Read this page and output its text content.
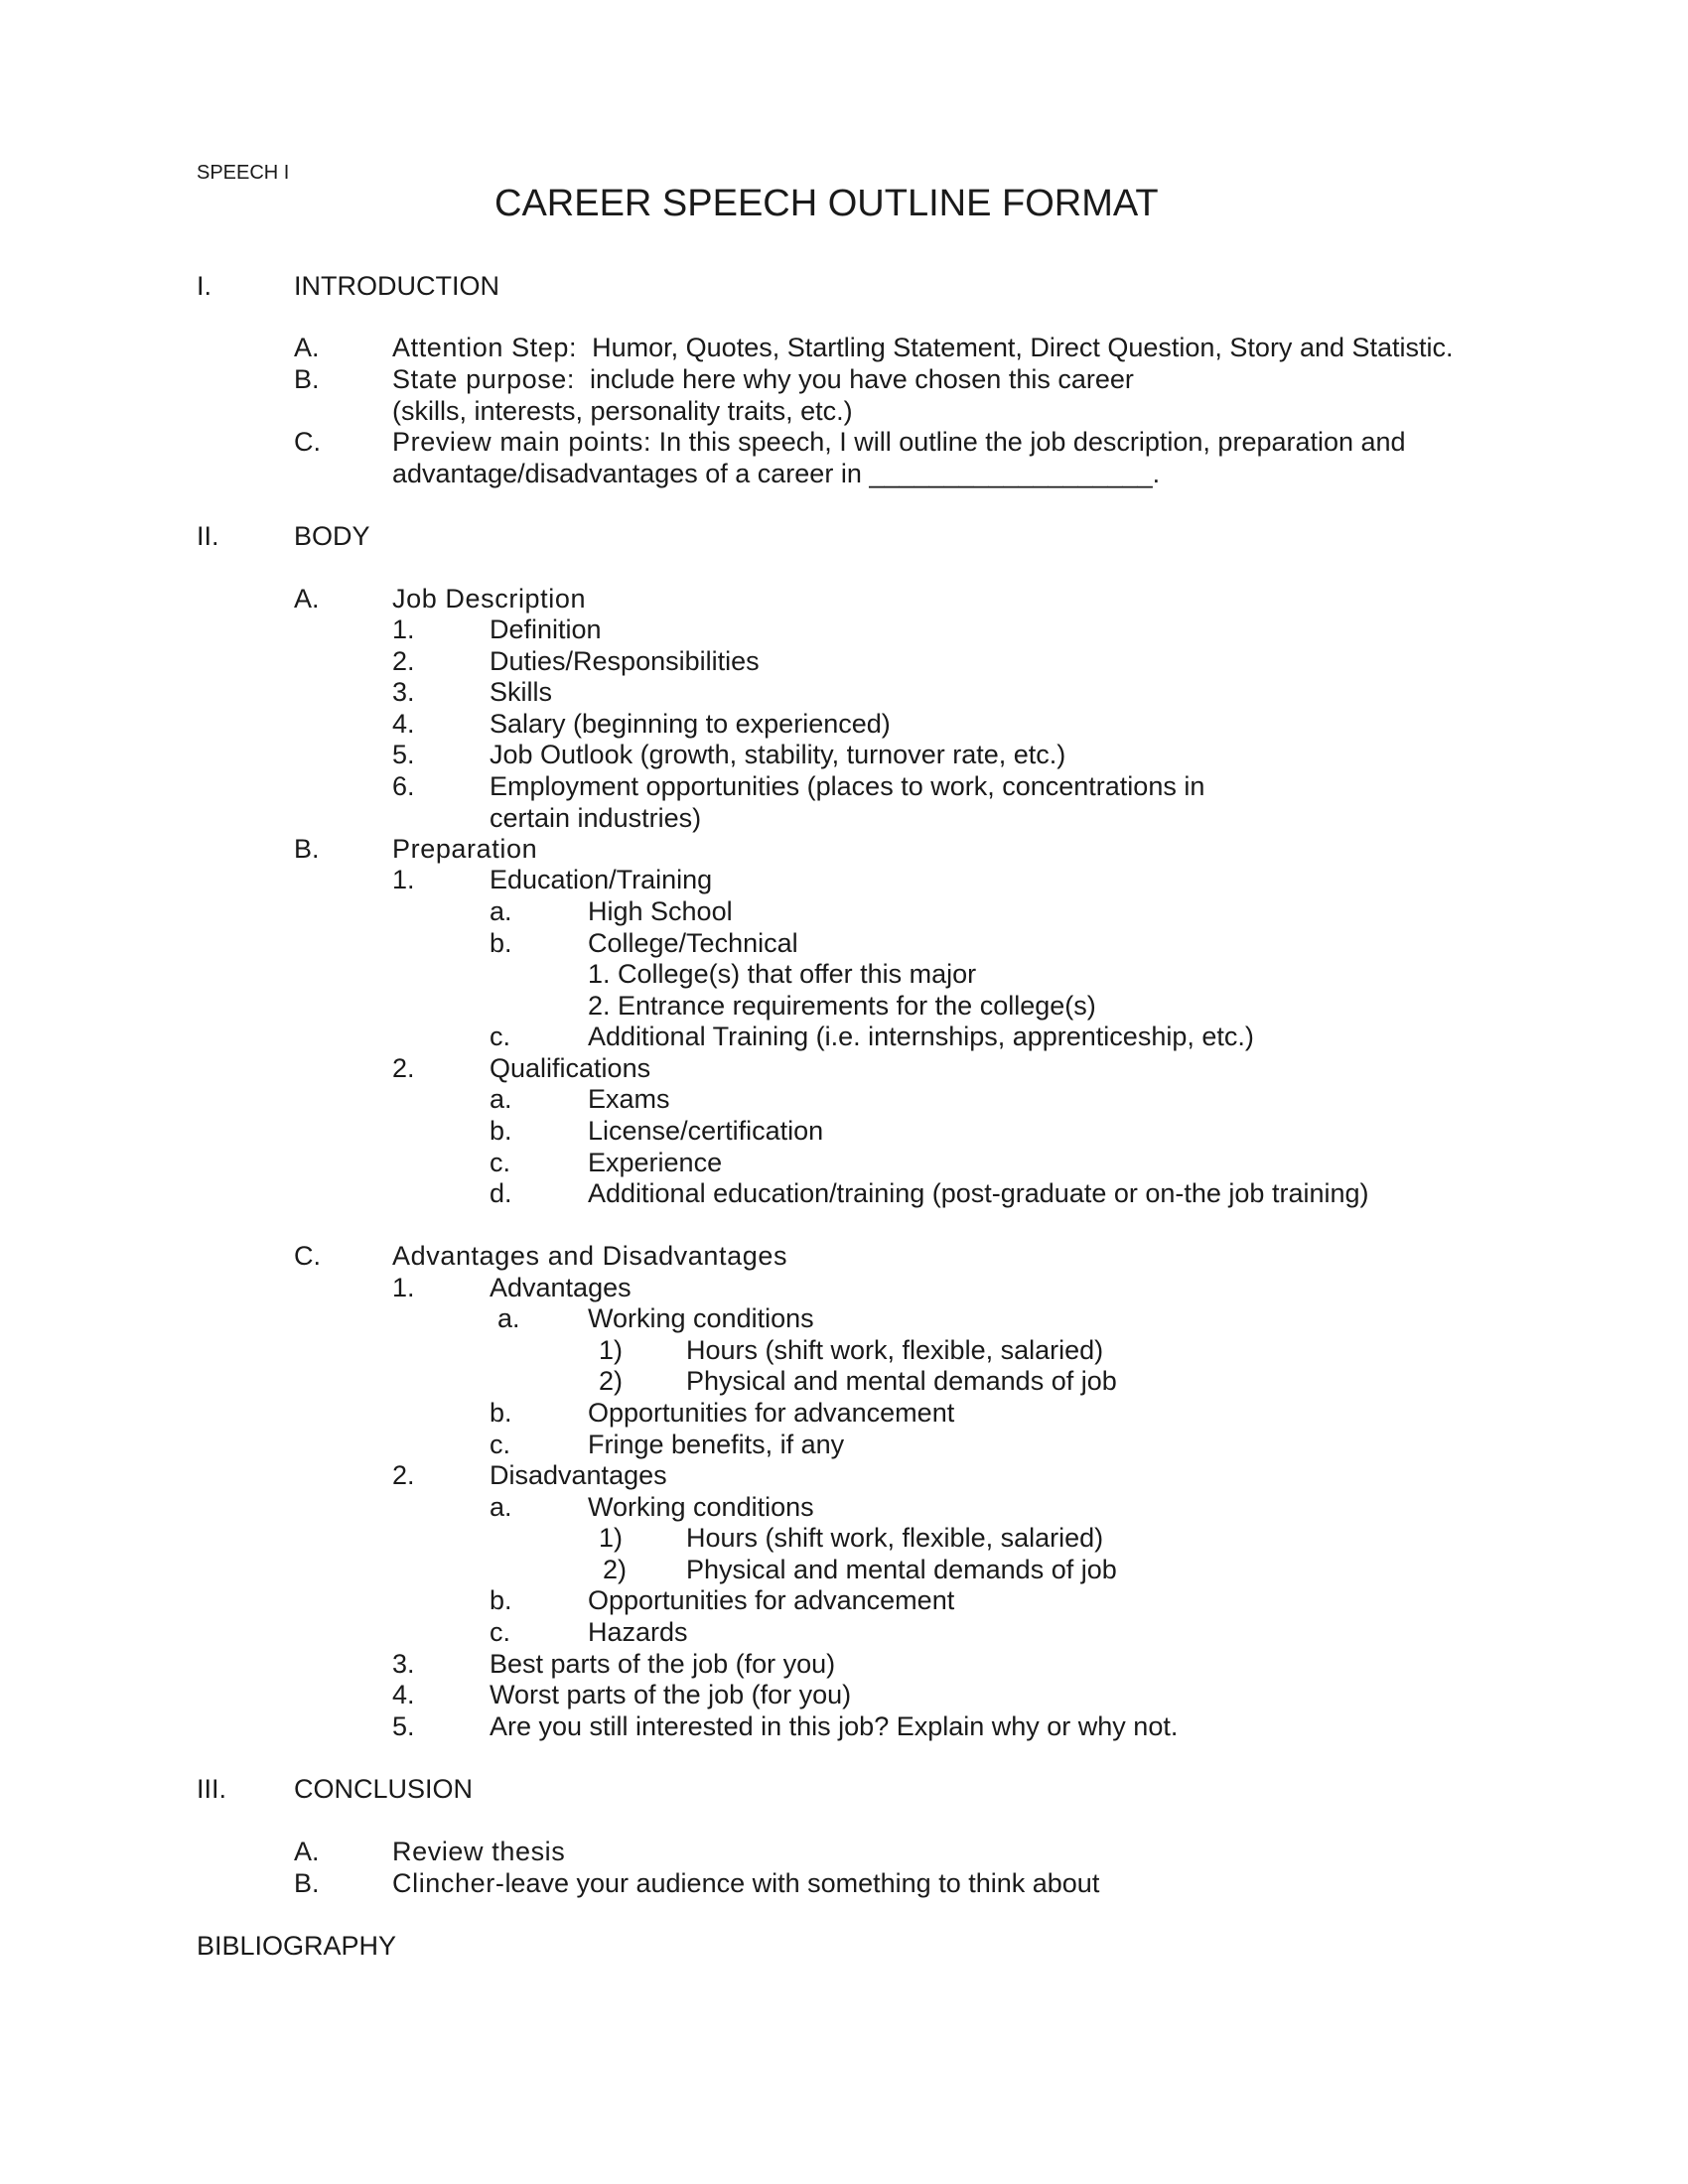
SPEECH I
CAREER SPEECH OUTLINE FORMAT
I.	INTRODUCTION
A.	Attention Step: Humor, Quotes, Startling Statement, Direct Question, Story and Statistic.
B.	State purpose: include here why you have chosen this career
(skills, interests, personality traits, etc.)
C.	Preview main points: In this speech, I will outline the job description, preparation and
advantage/disadvantages of a career in ___________________.
II.	BODY
A.	Job Description
1.	Definition
2.	Duties/Responsibilities
3.	Skills
4.	Salary (beginning to experienced)
5.	Job Outlook (growth, stability, turnover rate, etc.)
6.	Employment opportunities (places to work, concentrations in
certain industries)
B.	Preparation
1.	Education/Training
a.	High School
b.	College/Technical
1. College(s) that offer this major
2. Entrance requirements for the college(s)
c.	Additional Training (i.e. internships, apprenticeship, etc.)
2.	Qualifications
a.	Exams
b.	License/certification
c.	Experience
d.	Additional education/training (post-graduate or on-the job training)
C.	Advantages and Disadvantages
1.	Advantages
a.	Working conditions
1) Hours (shift work, flexible, salaried)
2) Physical and mental demands of job
b.	Opportunities for advancement
c.	Fringe benefits, if any
2.	Disadvantages
a.	Working conditions
1) Hours (shift work, flexible, salaried)
2) Physical and mental demands of job
b.	Opportunities for advancement
c.	Hazards
3.	Best parts of the job (for you)
4.	Worst parts of the job (for you)
5.	Are you still interested in this job? Explain why or why not.
III.	CONCLUSION
A.	Review thesis
B.	Clincher-leave your audience with something to think about
BIBLIOGRAPHY
